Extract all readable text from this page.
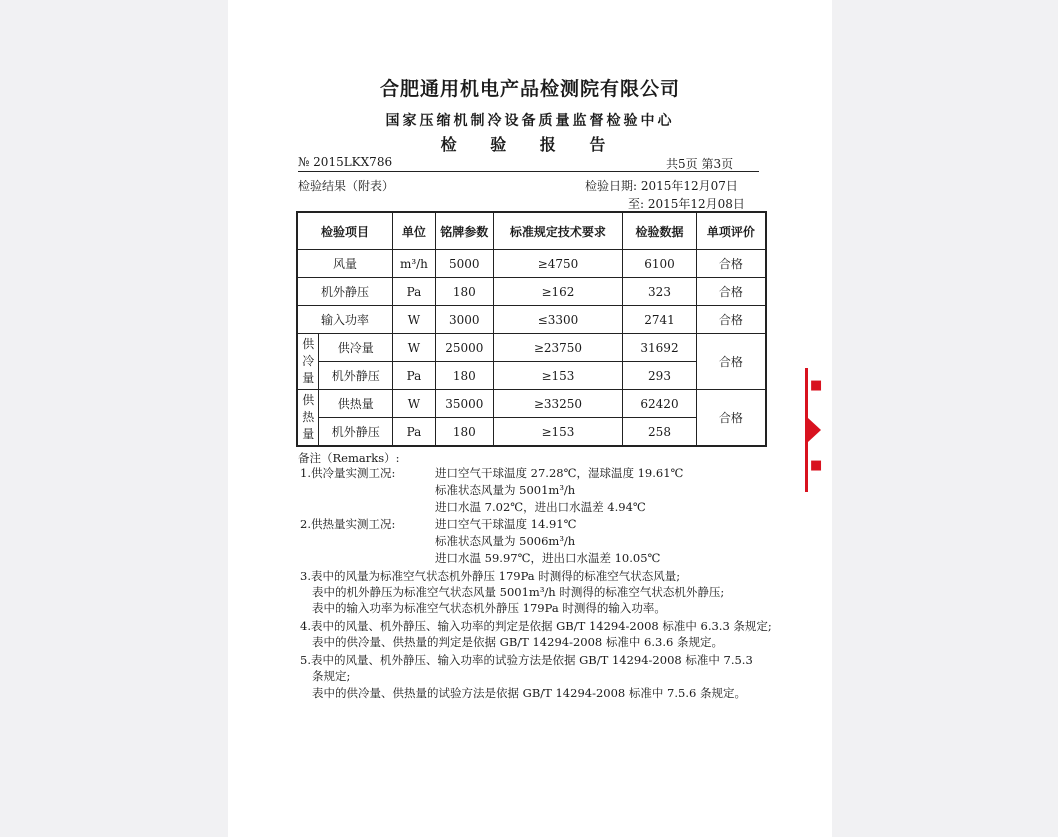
合肥通用机电产品检测院有限公司
国家压缩机制冷设备质量监督检验中心
检 验 报 告
№ 2015LKX786	共5页 第3页
检验结果（附表）	检验日期: 2015年12月07日
至: 2015年12月08日
检验项目		单位	铭牌参数	标准规定技术要求	检验数据	单项评价
风量		m³/h	5000	≥4750	6100	合格
机外静压		Pa	180	≥162	323	合格
输入功率		W	3000	≤3300	2741	合格

供冷量	供冷量	W	25000	≥23750	31692	合格
	机外静压	Pa	180	≥153	293	

供热量	供热量	W	35000	≥33250	62420	合格
	机外静压	Pa	180	≥153	258	
备注（Remarks）:
1.供冷量实测工况:	进口空气干球温度 27.28℃，湿球温度 19.61℃
标准状态风量为 5001m³/h
进口水温 7.02℃，进出口水温差 4.94℃
2.供热量实测工况:	进口空气干球温度 14.91℃
标准状态风量为 5006m³/h
进口水温 59.97℃，进出口水温差 10.05℃
3.表中的风量为标准空气状态机外静压 179Pa 时测得的标准空气状态风量;
表中的机外静压为标准空气状态风量 5001m³/h 时测得的标准空气状态机外静压;
表中的输入功率为标准空气状态机外静压 179Pa 时测得的输入功率。
4.表中的风量、机外静压、输入功率的判定是依据 GB/T 14294-2008 标准中 6.3.3 条规定;
表中的供冷量、供热量的判定是依据 GB/T 14294-2008 标准中 6.3.6 条规定。
5.表中的风量、机外静压、输入功率的试验方法是依据 GB/T 14294-2008 标准中 7.5.3
条规定;
表中的供冷量、供热量的试验方法是依据 GB/T 14294-2008 标准中 7.5.6 条规定。
■
■
